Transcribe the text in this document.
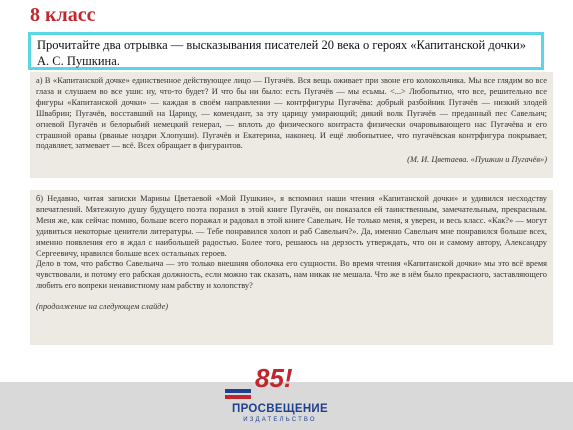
8 класс
Прочитайте два отрывка — высказывания писателей 20 века о героях «Капитанской дочки» А. С. Пушкина.
а) В «Капитанской дочке» единственное действующее лицо — Пугачёв. Вся вещь оживает при звоне его колокольчика. Мы все глядим во все глаза и слушаем во все уши: ну, что-то будет? И что бы ни было: есть Пугачёв — мы есьмы. <...> Любопытно, что все, решительно все фигуры «Капитанской дочки» — каждая в своём направлении — контрфигуры Пугачёва: добрый разбойник Пугачёв — низкий злодей Швабрин; Пугачёв, восставший на Царицу, — комендант, за эту царицу умирающий; дикий волк Пугачёв — преданный пес Савельич; огневой Пугачёв и белорыбий немецкий генерал, — вплоть до физического контраста физически очаровывающего нас Пугачёва и его страшной оравы (рваные ноздри Хлопуши). Пугачёв и Екатерина, наконец. И ещё любопытнее, что пугачёвская контрфигура покрывает, подавляет, затмевает — всё. Всех обращает в фигурантов.
(М. И. Цветаева. «Пушкин и Пугачёв»)
б) Недавно, читая записки Марины Цветаевой «Мой Пушкин», я вспомнил наши чтения «Капитанской дочки» и удивился несходству впечатлений. Мятежную душу будущего поэта поразил в этой книге Пугачёв, он показался ей таинственным, замечательным, прекрасным. Меня же, как сейчас помню, больше всего поражал и радовал в этой книге Савельич. Не только меня, я уверен, и весь класс. «Как?» — могут удивиться некоторые ценители литературы. — Тебе понравился холоп и раб Савельич?». Да, именно Савельич мне понравился больше всех, именно появления его я ждал с наибольшей радостью. Более того, решаюсь на дерзость утверждать, что он и самому автору, Александру Сергеевичу, нравился больше всех остальных героев.
Дело в том, что рабство Савельича — это только внешняя оболочка его сущности. Во время чтения «Капитанской дочки» мы это всё время чувствовали, и потому его рабская должность, если можно так сказать, нам никак не мешала. Что же в нём было прекрасного, заставляющего любить его вопреки ненавистному нам рабству и холопству?
(продолжение на следующем слайде)
85!
ПРОСВЕЩЕНИЕ
ИЗДАТЕЛЬСТВО
